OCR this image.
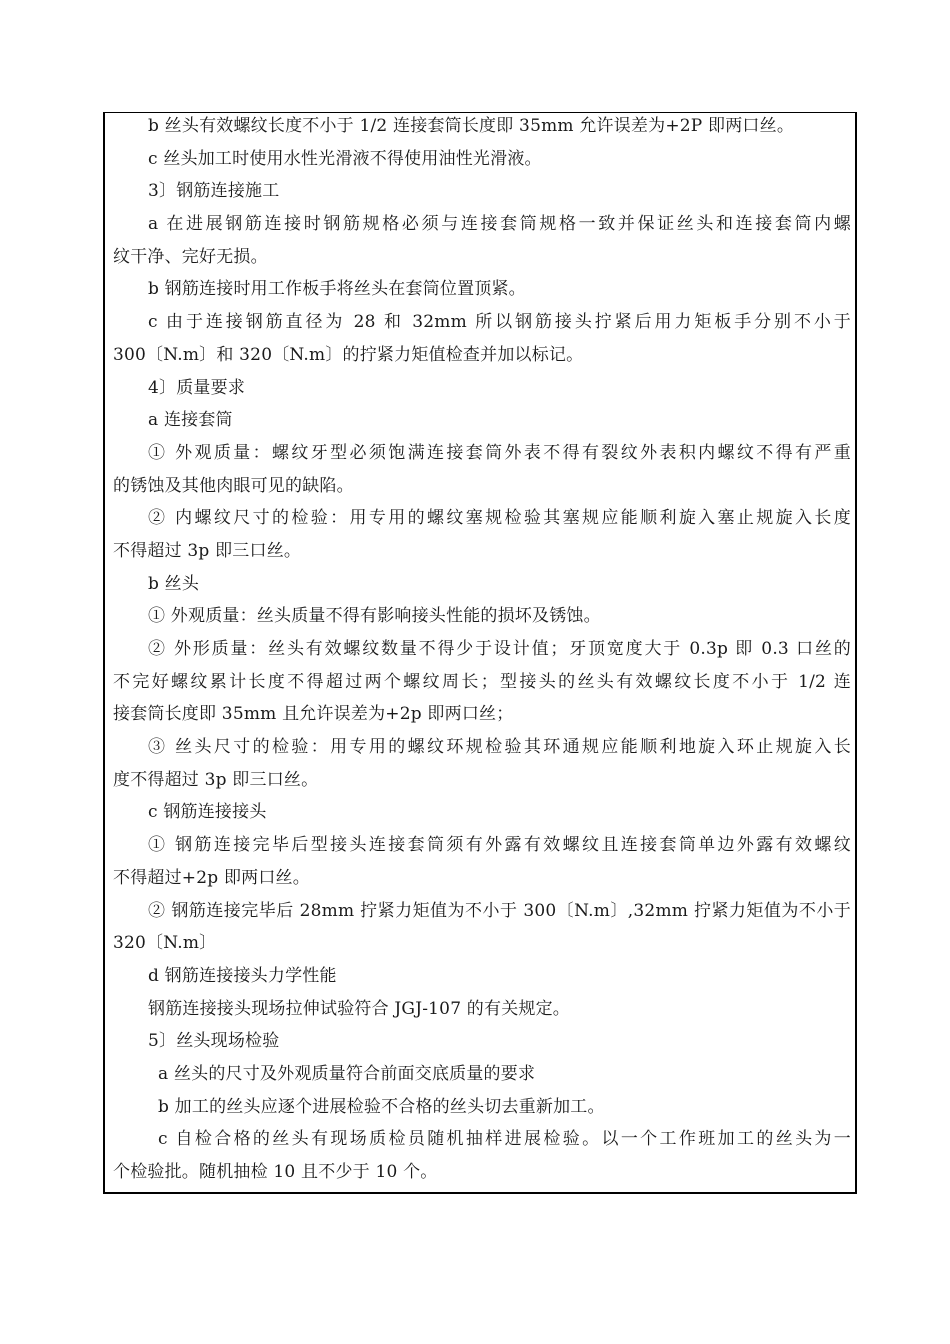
b 丝头有效螺纹长度不小于 1/2 连接套筒长度即 35mm 允许误差为+2P 即两口丝。
c 丝头加工时使用水性光滑液不得使用油性光滑液。
3〕钢筋连接施工
a 在进展钢筋连接时钢筋规格必须与连接套筒规格一致并保证丝头和连接套筒内螺
纹干净、完好无损。
b 钢筋连接时用工作板手将丝头在套筒位置顶紧。
c 由于连接钢筋直径为 28 和 32mm 所以钢筋接头拧紧后用力矩板手分别不小于
300〔N.m〕和 320〔N.m〕的拧紧力矩值检查并加以标记。
4〕质量要求
a 连接套筒
① 外观质量：螺纹牙型必须饱满连接套筒外表不得有裂纹外表积内螺纹不得有严重
的锈蚀及其他肉眼可见的缺陷。
② 内螺纹尺寸的检验：用专用的螺纹塞规检验其塞规应能顺利旋入塞止规旋入长度
不得超过 3p 即三口丝。
b 丝头
① 外观质量：丝头质量不得有影响接头性能的损坏及锈蚀。
② 外形质量：丝头有效螺纹数量不得少于设计值；牙顶宽度大于 0.3p 即 0.3 口丝的
不完好螺纹累计长度不得超过两个螺纹周长；型接头的丝头有效螺纹长度不小于 1/2 连
接套筒长度即 35mm 且允许误差为+2p 即两口丝；
③ 丝头尺寸的检验：用专用的螺纹环规检验其环通规应能顺利地旋入环止规旋入长
度不得超过 3p 即三口丝。
c 钢筋连接接头
① 钢筋连接完毕后型接头连接套筒须有外露有效螺纹且连接套筒单边外露有效螺纹
不得超过+2p 即两口丝。
② 钢筋连接完毕后 28mm 拧紧力矩值为不小于 300〔N.m〕,32mm 拧紧力矩值为不小于
320〔N.m〕
d 钢筋连接接头力学性能
钢筋连接接头现场拉伸试验符合 JGJ-107 的有关规定。
5〕丝头现场检验
a 丝头的尺寸及外观质量符合前面交底质量的要求
b 加工的丝头应逐个进展检验不合格的丝头切去重新加工。
c 自检合格的丝头有现场质检员随机抽样进展检验。以一个工作班加工的丝头为一
个检验批。随机抽检 10 且不少于 10 个。
